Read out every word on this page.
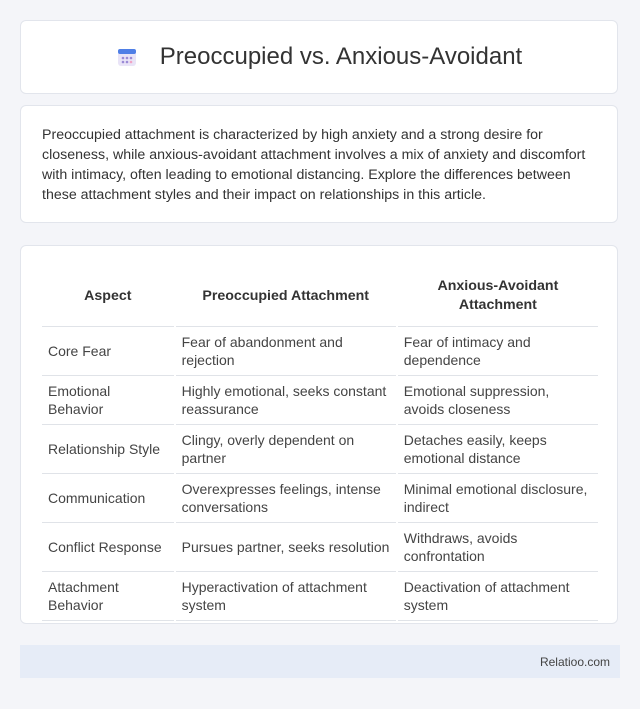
Preoccupied vs. Anxious-Avoidant

Preoccupied attachment is characterized by high anxiety and a strong desire for closeness, while anxious-avoidant attachment involves a mix of anxiety and discomfort with intimacy, often leading to emotional distancing. Explore the differences between these attachment styles and their impact on relationships in this article.

Aspect	Preoccupied Attachment	Anxious-Avoidant Attachment
Core Fear	Fear of abandonment and rejection	Fear of intimacy and dependence
Emotional Behavior	Highly emotional, seeks constant reassurance	Emotional suppression, avoids closeness
Relationship Style	Clingy, overly dependent on partner	Detaches easily, keeps emotional distance
Communication	Overexpresses feelings, intense conversations	Minimal emotional disclosure, indirect
Conflict Response	Pursues partner, seeks resolution	Withdraws, avoids confrontation
Attachment Behavior	Hyperactivation of attachment system	Deactivation of attachment system
Relatioo.com
